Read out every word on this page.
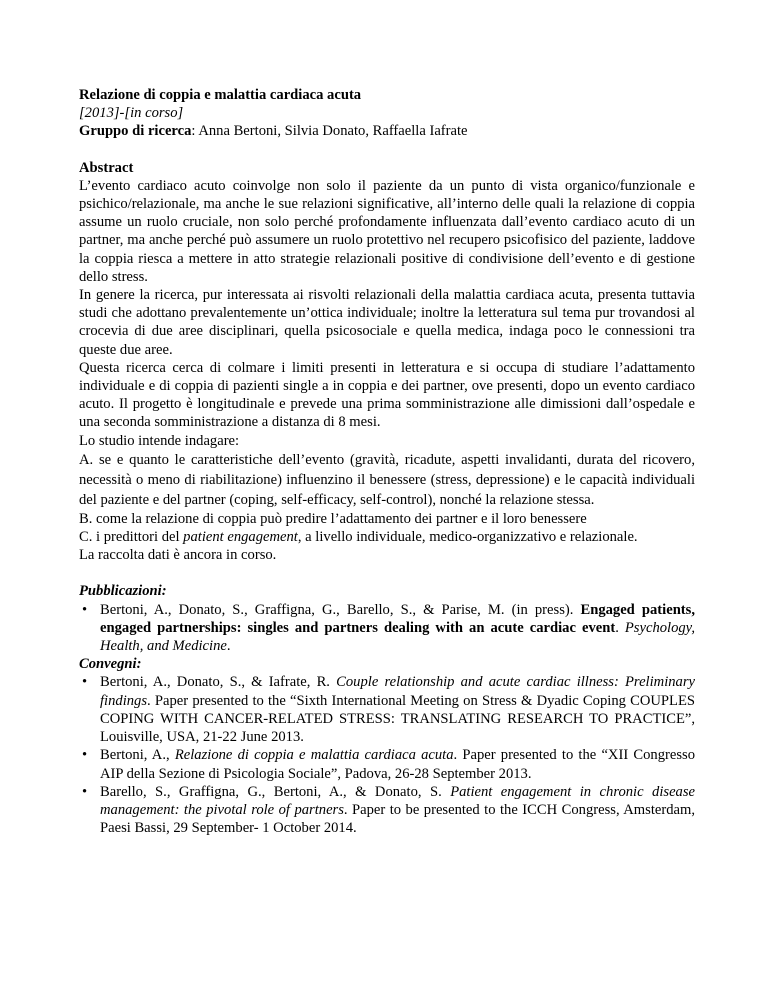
Relazione di coppia e malattia cardiaca acuta
[2013]-[in corso]
Gruppo di ricerca: Anna Bertoni, Silvia Donato, Raffaella Iafrate

Abstract

L’evento cardiaco acuto coinvolge non solo il paziente da un punto di vista organico/funzionale e psichico/relazionale, ma anche le sue relazioni significative, all’interno delle quali la relazione di coppia assume un ruolo cruciale, non solo perché profondamente influenzata dall’evento cardiaco acuto di un partner, ma anche perché può assumere un ruolo protettivo nel recupero psicofisico del paziente, laddove la coppia riesca a mettere in atto strategie relazionali positive di condivisione dell’evento e di gestione dello stress.

In genere la ricerca, pur interessata ai risvolti relazionali della malattia cardiaca acuta, presenta tuttavia studi che adottano prevalentemente un’ottica individuale; inoltre la letteratura sul tema pur trovandosi al crocevia di due aree disciplinari, quella psicosociale e quella medica, indaga poco le connessioni tra queste due aree.

Questa ricerca cerca di colmare i limiti presenti in letteratura e si occupa di studiare l’adattamento individuale e di coppia di pazienti single a in coppia e dei partner, ove presenti, dopo un evento cardiaco acuto. Il progetto è longitudinale e prevede una prima somministrazione alle dimissioni dall’ospedale e una seconda somministrazione a distanza di 8 mesi.

Lo studio intende indagare:

A. se e quanto le caratteristiche dell’evento (gravità, ricadute, aspetti invalidanti, durata del ricovero, necessità o meno di riabilitazione) influenzino il benessere (stress, depressione) e le capacità individuali del paziente e del partner (coping, self-efficacy, self-control), nonché la relazione stessa.

B. come la relazione di coppia può predire l’adattamento dei partner e il loro benessere

C. i predittori del patient engagement, a livello individuale, medico-organizzativo e relazionale.

La raccolta dati è ancora in corso.

Pubblicazioni:

• Bertoni, A., Donato, S., Graffigna, G., Barello, S., & Parise, M. (in press). Engaged patients, engaged partnerships: singles and partners dealing with an acute cardiac event. Psychology, Health, and Medicine.

Convegni:

• Bertoni, A., Donato, S., & Iafrate, R. Couple relationship and acute cardiac illness: Preliminary findings. Paper presented to the “Sixth International Meeting on Stress & Dyadic Coping COUPLES COPING WITH CANCER-RELATED STRESS: TRANSLATING RESEARCH TO PRACTICE”, Louisville, USA, 21-22 June 2013.
• Bertoni, A., Relazione di coppia e malattia cardiaca acuta. Paper presented to the “XII Congresso AIP della Sezione di Psicologia Sociale”, Padova, 26-28 September 2013.
• Barello, S., Graffigna, G., Bertoni, A., & Donato, S. Patient engagement in chronic disease management: the pivotal role of partners. Paper to be presented to the ICCH Congress, Amsterdam, Paesi Bassi, 29 September- 1 October 2014.
